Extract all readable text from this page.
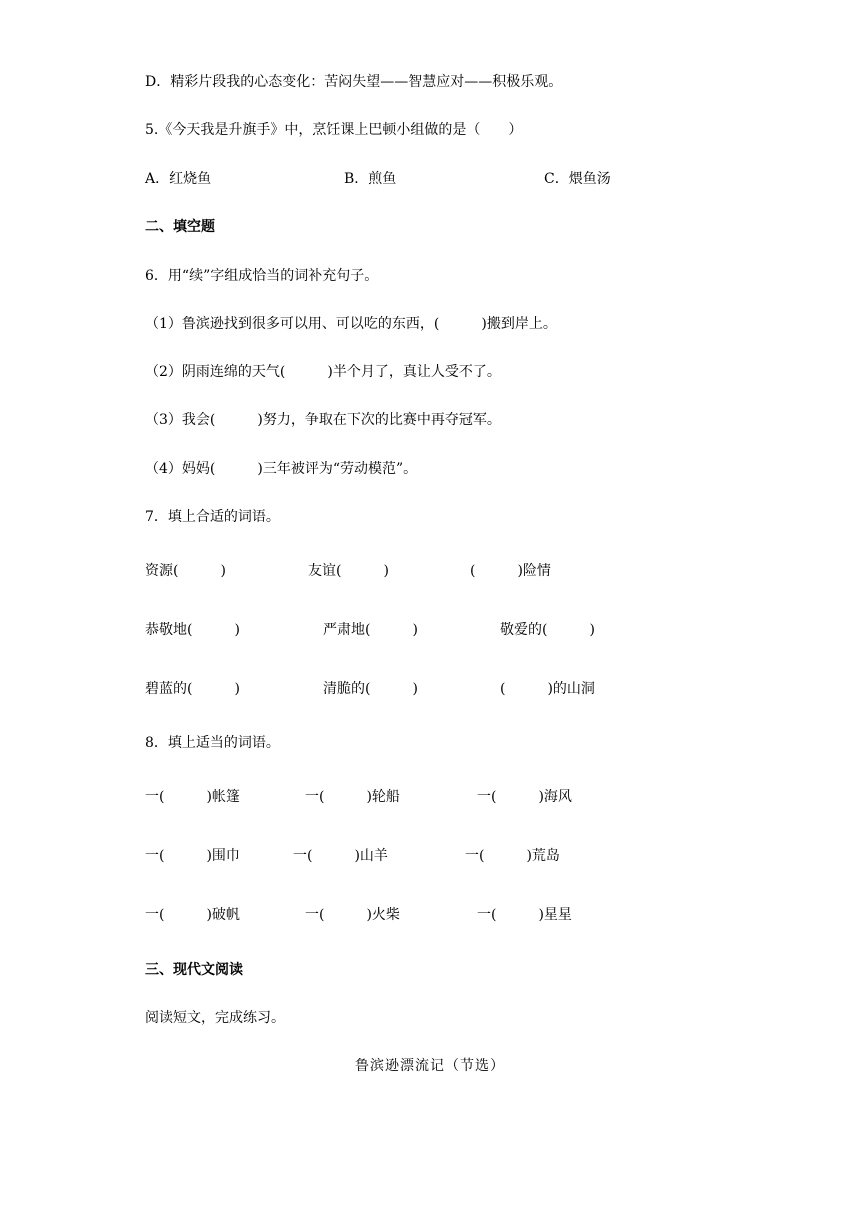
D．精彩片段我的心态变化：苦闷失望——智慧应对——积极乐观。
5.《今天我是升旗手》中，烹饪课上巴顿小组做的是（　　）
A．红烧鱼	B．煎鱼	C．煨鱼汤
二、填空题
6．用“续”字组成恰当的词补充句子。
（1）鲁滨逊找到很多可以用、可以吃的东西，(　　　)搬到岸上。
（2）阴雨连绵的天气(　　　)半个月了，真让人受不了。
（3）我会(　　　)努力，争取在下次的比赛中再夺冠军。
（4）妈妈(　　　)三年被评为“劳动模范”。
7．填上合适的词语。
资源(　　　)	友谊(　　　)	(　　　)险情
恭敬地(　　　)	严肃地(　　　)	敬爱的(　　　)
碧蓝的(　　　)	清脆的(　　　)	(　　　)的山洞
8．填上适当的词语。
一(　　　)帐篷	一(　　　)轮船	一(　　　)海风
一(　　　)围巾	一(　　　)山羊	一(　　　)荒岛
一(　　　)破帆	一(　　　)火柴	一(　　　)星星
三、现代文阅读
阅读短文，完成练习。
鲁滨逊漂流记（节选）
